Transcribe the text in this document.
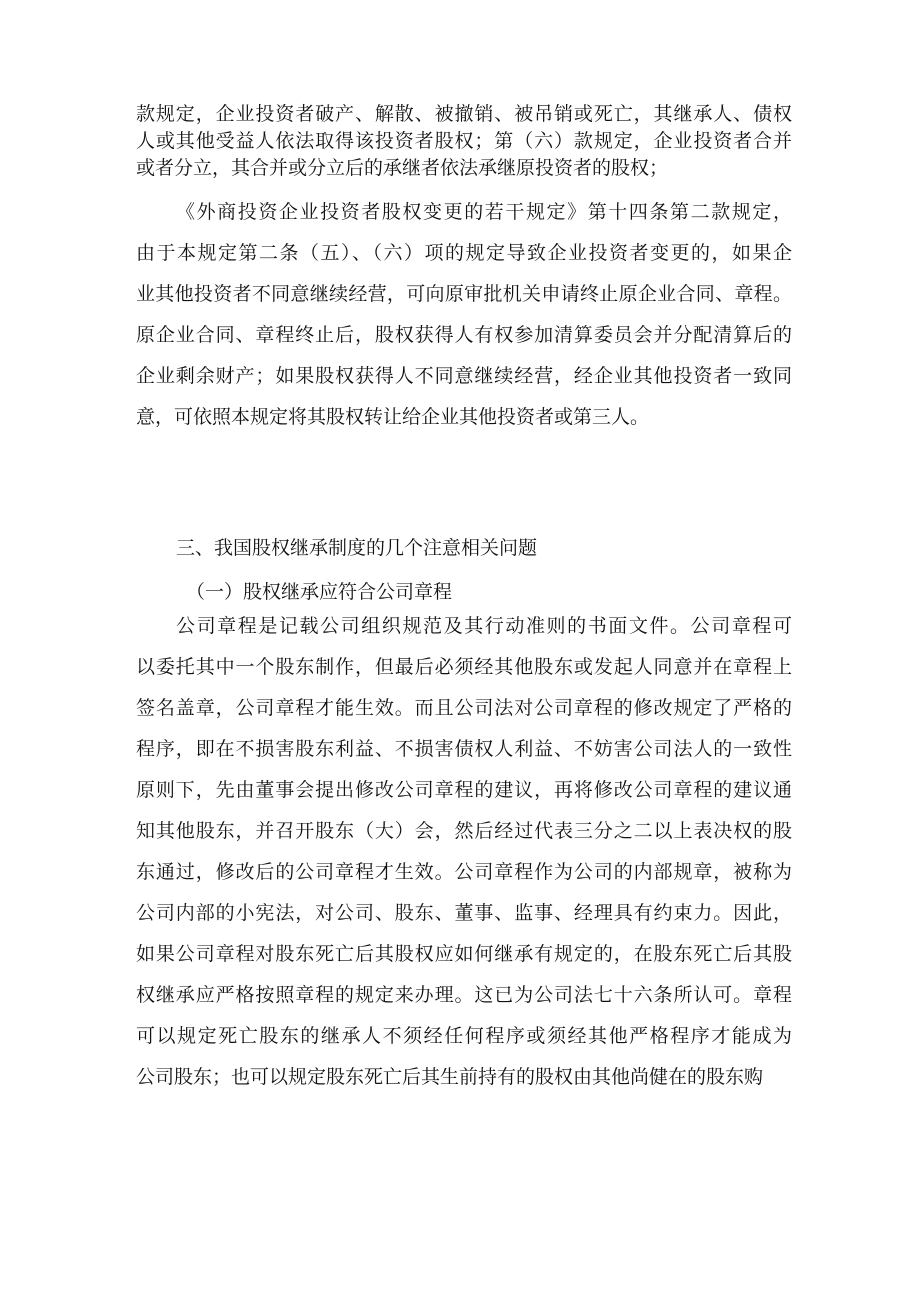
款规定，企业投资者破产、解散、被撤销、被吊销或死亡，其继承人、债权
人或其他受益人依法取得该投资者股权；第（六）款规定，企业投资者合并
或者分立，其合并或分立后的承继者依法承继原投资者的股权；
《外商投资企业投资者股权变更的若干规定》第十四条第二款规定，
由于本规定第二条（五）、（六）项的规定导致企业投资者变更的，如果企
业其他投资者不同意继续经营，可向原审批机关申请终止原企业合同、章程。
原企业合同、章程终止后，股权获得人有权参加清算委员会并分配清算后的
企业剩余财产；如果股权获得人不同意继续经营，经企业其他投资者一致同
意，可依照本规定将其股权转让给企业其他投资者或第三人。
三、我国股权继承制度的几个注意相关问题
（一）股权继承应符合公司章程
公司章程是记载公司组织规范及其行动准则的书面文件。公司章程可
以委托其中一个股东制作，但最后必须经其他股东或发起人同意并在章程上
签名盖章，公司章程才能生效。而且公司法对公司章程的修改规定了严格的
程序，即在不损害股东利益、不损害债权人利益、不妨害公司法人的一致性
原则下，先由董事会提出修改公司章程的建议，再将修改公司章程的建议通
知其他股东，并召开股东（大）会，然后经过代表三分之二以上表决权的股
东通过，修改后的公司章程才生效。公司章程作为公司的内部规章，被称为
公司内部的小宪法，对公司、股东、董事、监事、经理具有约束力。因此，
如果公司章程对股东死亡后其股权应如何继承有规定的，在股东死亡后其股
权继承应严格按照章程的规定来办理。这已为公司法七十六条所认可。章程
可以规定死亡股东的继承人不须经任何程序或须经其他严格程序才能成为
公司股东；也可以规定股东死亡后其生前持有的股权由其他尚健在的股东购
